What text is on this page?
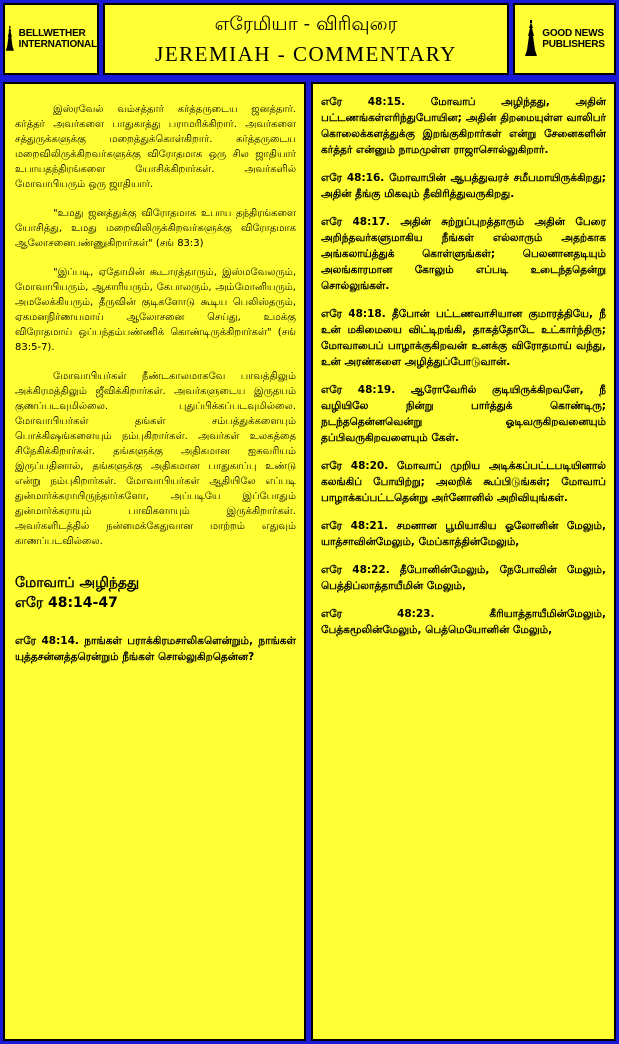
BELLWETHER
INTERNATIONAL
எரேமியா - விரிவுரை
JEREMIAH - COMMENTARY
GOOD NEWS
PUBLISHERS

இஸ்ரவேல் வம்சத்தார் கர்த்தருடைய ஜனத்தார். கர்த்தர் அவர்களை பாதுகாத்து பராமரிக்கிறார். அவர்களை சத்துருக்களுக்கு மறைத்துக்கொள்கிறார். கர்த்தருடைய மறைவிலிருக்கிறவர்களுக்கு விரோதமாக ஒரு சில ஜாதியார் உபாயதந்திரங்களை யோசிக்கிறார்கள். அவர்களில் மோவாபியரும் ஒரு ஜாதியார்.

"உமது ஜனத்துக்கு விரோதமாக உபாய தந்திரங்களை யோசித்து, உமது மறைவிலிருக்கிறவர்களுக்கு விரோதமாக ஆலோசனைபண்ணுகிறார்கள்" (சங் 83:3)

"இப்படி, ஏதோமின் கூடாரத்தாரும், இஸ்மவேலரும், மோவாபியரும், ஆகாரியரும், கேபாலரும், அம்மோனியரும், அமலேக்கியரும், தீருவின் குடிகளோடு கூடிய பெலிஸ்தரும், ஏகமனநிர்ணயமாய் ஆலோசனை செய்து, உமக்கு விரோதமாய் ஒப்பந்தம்பண்ணிக் கொண்டிருக்கிறார்கள்" (சங் 83:5-7).

மோவாபியர்கள் நீண்டகாலமாகவே பாவத்திலும் அக்கிரமத்திலும் ஜீவிக்கிறார்கள். அவர்களுடைய இருதயம் குணப்படவுமில்லை. புதுப்பிக்கப்படவுமில்லை. மோவாபியர்கள் தங்கள் சம்பத்துக்களையும் பொக்கிஷங்களையும் நம்புகிறார்கள். அவர்கள் உலகத்தை சிநேகிக்கிறார்கள். தங்களுக்கு அதிகமான ஐசுவரியம் இருப்பதினால், தங்களுக்கு அதிகமான பாதுகாப்பு உண்டு என்று நம்புகிறார்கள். மோவாபியர்கள் ஆதியிலே எப்படி துன்மார்க்கராயிருந்தார்களோ, அப்படியே இப்போதும் துன்மார்க்கராயும் பாவிகளாயும் இருக்கிறார்கள். அவர்களிடத்தில் நன்மைக்கேதுவான மாற்றம் எதுவும் காணப்படவில்லை.

மோவாப் அழிந்தது
எரே 48:14-47

எரே 48:14. நாங்கள் பராக்கிரமசாலிகளென்றும், நாங்கள் யுத்தசன்னத்தரென்றும் நீங்கள் சொல்லுகிறதென்ன?

எரே 48:15. மோவாப் அழிந்தது, அதின் பட்டணங்கள்எரிந்துபோயின; அதின் திறமையுள்ள வாலிபர் கொலைக்களத்துக்கு இறங்குகிறார்கள் என்று சேனைகளின் கர்த்தர் என்னும் நாமமுள்ள ராஜாசொல்லுகிறார்.

எரே 48:16. மோவாபின் ஆபத்துவரச் சமீபமாயிருக்கிறது; அதின் தீங்கு மிகவும் தீவிரித்துவருகிறது.

எரே 48:17. அதின் சுற்றுப்புறத்தாரும் அதின் பேரை அறிந்தவர்களுமாகிய நீங்கள் எல்லாரும் அதற்காக அங்கலாய்த்துக் கொள்ளுங்கள்; பெலனானதடியும் அலங்காரமான கோலும் எப்படி உடைந்ததென்று சொல்லுங்கள்.

எரே 48:18. தீபோன் பட்டணவாசியான குமாரத்தியே, நீ உன் மகிமையை விட்டிறங்கி, தாகத்தோடே உட்கார்ந்திரு; மோவாபைப் பாழாக்குகிறவன் உனக்கு விரோதமாய் வந்து, உன் அரண்களை அழித்துப்போடுவான்.

எரே 48:19. ஆரோவேரில் குடியிருக்கிறவளே, நீ வழியிலே நின்று பார்த்துக் கொண்டிரு; நடந்ததென்னவென்று ஓடிவருகிறவனையும் தப்பிவருகிறவளையும் கேள்.

எரே 48:20. மோவாப் முறிய அடிக்கப்பட்டபடியினால் கலங்கிப் போயிற்று; அலறிக் கூப்பிடுங்கள்; மோவாப் பாழாக்கப்பட்டதென்று அர்னோனில் அறிவியுங்கள்.

எரே 48:21. சமனான பூமியாகிய ஓலோனின் மேலும், யாத்சாவின்மேலும், மேப்காத்தின்மேலும்,

எரே 48:22. தீபோனின்மேலும், நேபோவின் மேலும், பெத்திப்லாத்தாயீமின் மேலும்,

எரே 48:23. கீரியாத்தாயீமின்மேலும், பேத்கமூலின்மேலும், பெத்மெயோனின் மேலும்,
